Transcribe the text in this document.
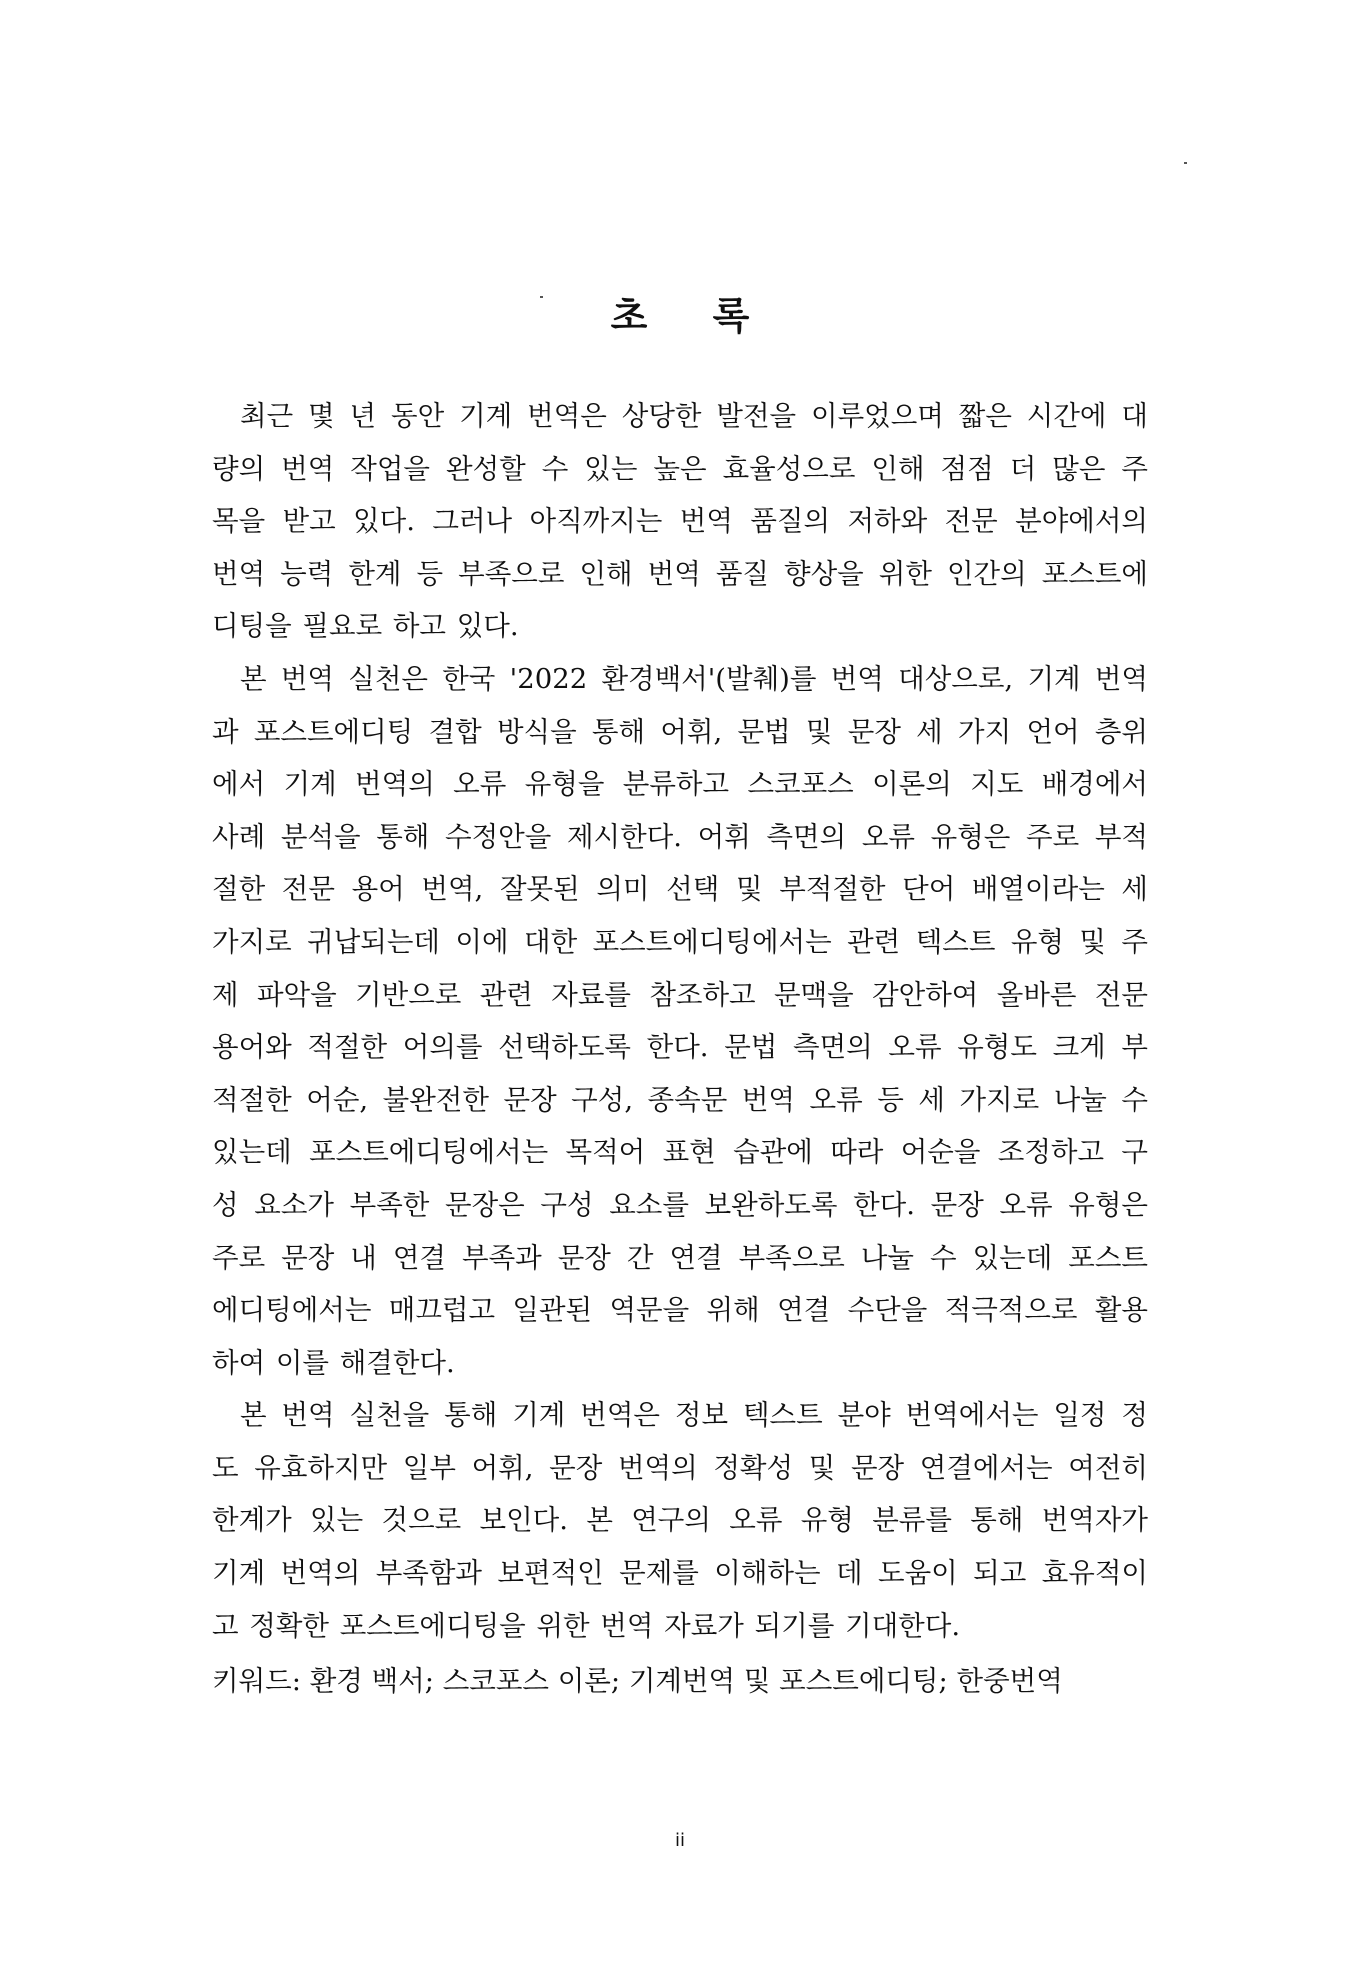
초 록

최근 몇 년 동안 기계 번역은 상당한 발전을 이루었으며 짧은 시간에 대
량의 번역 작업을 완성할 수 있는 높은 효율성으로 인해 점점 더 많은 주
목을 받고 있다. 그러나 아직까지는 번역 품질의 저하와 전문 분야에서의
번역 능력 한계 등 부족으로 인해 번역 품질 향상을 위한 인간의 포스트에
디팅을 필요로 하고 있다.

본 번역 실천은 한국 '2022 환경백서'(발췌)를 번역 대상으로, 기계 번역
과 포스트에디팅 결합 방식을 통해 어휘, 문법 및 문장 세 가지 언어 층위
에서 기계 번역의 오류 유형을 분류하고 스코포스 이론의 지도 배경에서
사례 분석을 통해 수정안을 제시한다. 어휘 측면의 오류 유형은 주로 부적
절한 전문 용어 번역, 잘못된 의미 선택 및 부적절한 단어 배열이라는 세
가지로 귀납되는데 이에 대한 포스트에디팅에서는 관련 텍스트 유형 및 주
제 파악을 기반으로 관련 자료를 참조하고 문맥을 감안하여 올바른 전문
용어와 적절한 어의를 선택하도록 한다. 문법 측면의 오류 유형도 크게 부
적절한 어순, 불완전한 문장 구성, 종속문 번역 오류 등 세 가지로 나눌 수
있는데 포스트에디팅에서는 목적어 표현 습관에 따라 어순을 조정하고 구
성 요소가 부족한 문장은 구성 요소를 보완하도록 한다. 문장 오류 유형은
주로 문장 내 연결 부족과 문장 간 연결 부족으로 나눌 수 있는데 포스트
에디팅에서는 매끄럽고 일관된 역문을 위해 연결 수단을 적극적으로 활용
하여 이를 해결한다.

본 번역 실천을 통해 기계 번역은 정보 텍스트 분야 번역에서는 일정 정
도 유효하지만 일부 어휘, 문장 번역의 정확성 및 문장 연결에서는 여전히
한계가 있는 것으로 보인다. 본 연구의 오류 유형 분류를 통해 번역자가
기계 번역의 부족함과 보편적인 문제를 이해하는 데 도움이 되고 효유적이
고 정확한 포스트에디팅을 위한 번역 자료가 되기를 기대한다.

키워드: 환경 백서; 스코포스 이론; 기계번역 및 포스트에디팅; 한중번역
ii
